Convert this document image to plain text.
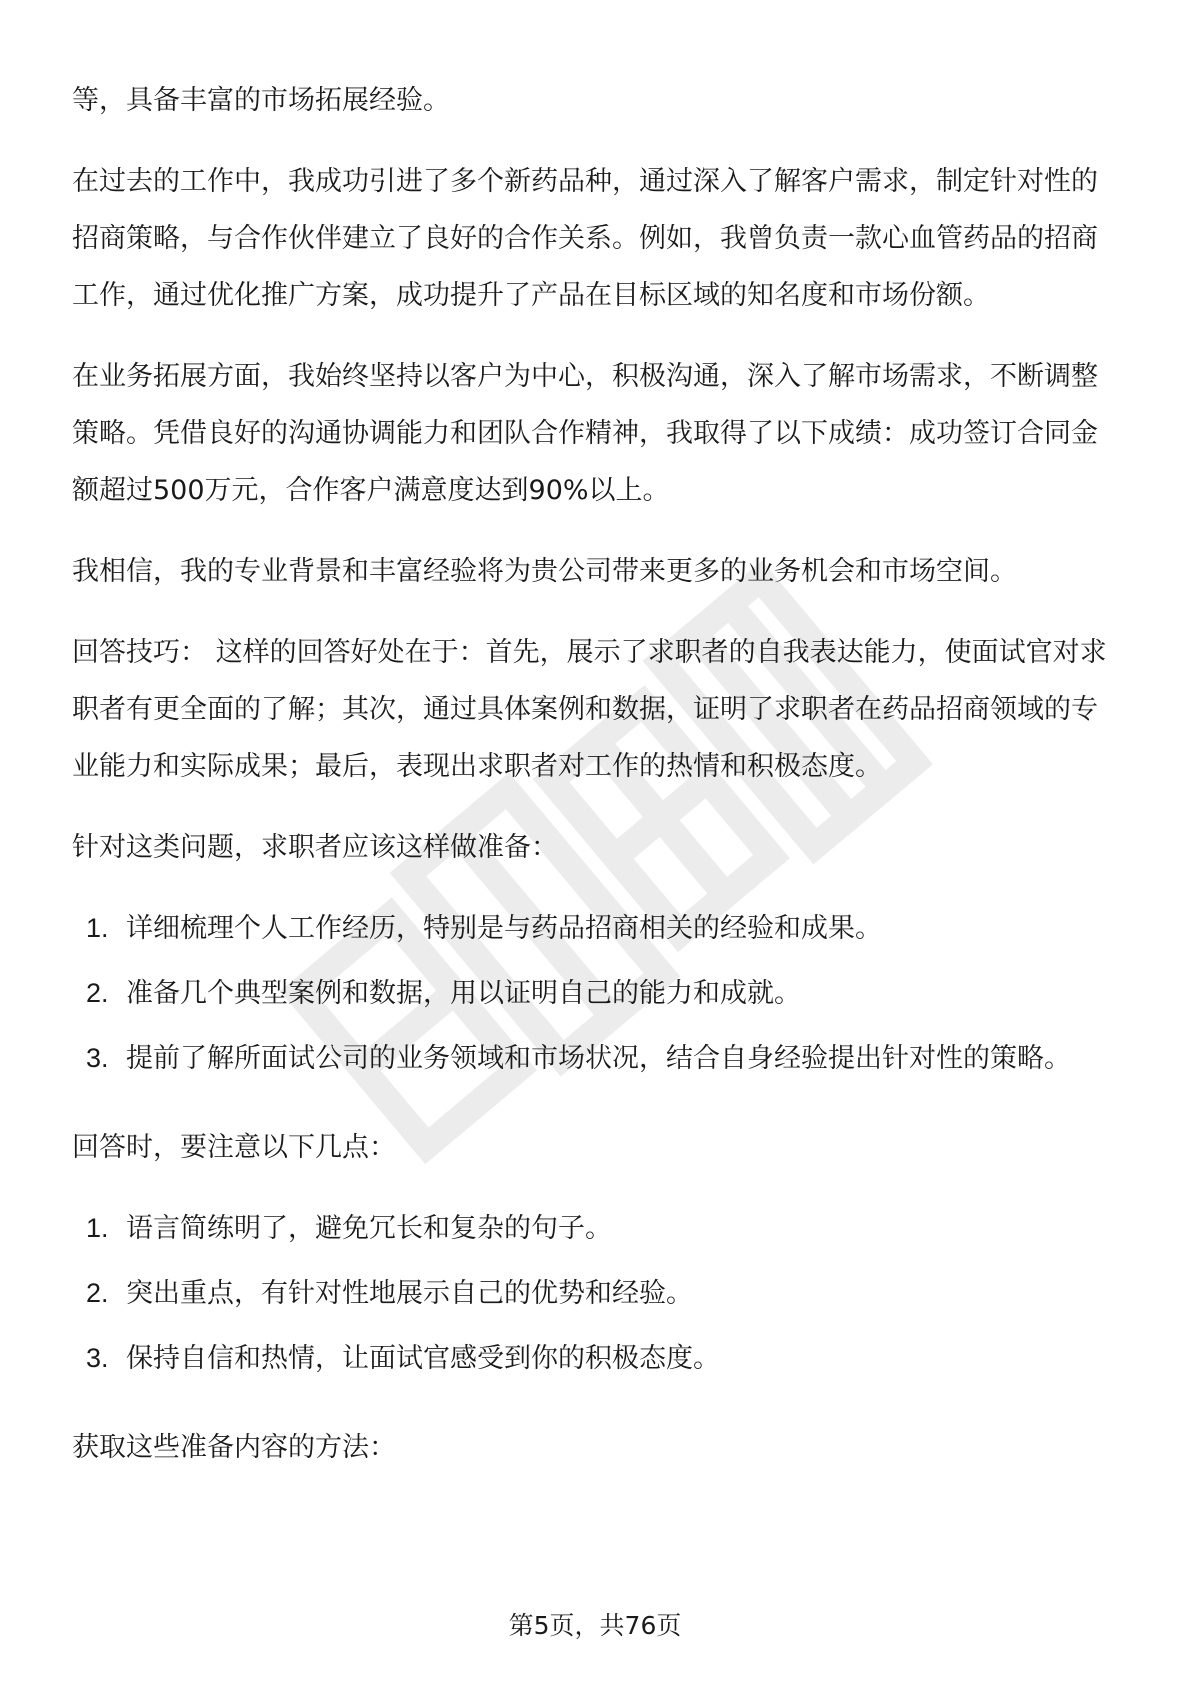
等，具备丰富的市场拓展经验。

在过去的工作中，我成功引进了多个新药品种，通过深入了解客户需求，制定针对性的招商策略，与合作伙伴建立了良好的合作关系。例如，我曾负责一款心血管药品的招商工作，通过优化推广方案，成功提升了产品在目标区域的知名度和市场份额。

在业务拓展方面，我始终坚持以客户为中心，积极沟通，深入了解市场需求，不断调整策略。凭借良好的沟通协调能力和团队合作精神，我取得了以下成绩：成功签订合同金额超过500万元，合作客户满意度达到90%以上。

我相信，我的专业背景和丰富经验将为贵公司带来更多的业务机会和市场空间。

回答技巧： 这样的回答好处在于：首先，展示了求职者的自我表达能力，使面试官对求职者有更全面的了解；其次，通过具体案例和数据，证明了求职者在药品招商领域的专业能力和实际成果；最后，表现出求职者对工作的热情和积极态度。

针对这类问题，求职者应该这样做准备：

1. 详细梳理个人工作经历，特别是与药品招商相关的经验和成果。
2. 准备几个典型案例和数据，用以证明自己的能力和成就。
3. 提前了解所面试公司的业务领域和市场状况，结合自身经验提出针对性的策略。

回答时，要注意以下几点：

1. 语言简练明了，避免冗长和复杂的句子。
2. 突出重点，有针对性地展示自己的优势和经验。
3. 保持自信和热情，让面试官感受到你的积极态度。

获取这些准备内容的方法：

第5页，共76页
